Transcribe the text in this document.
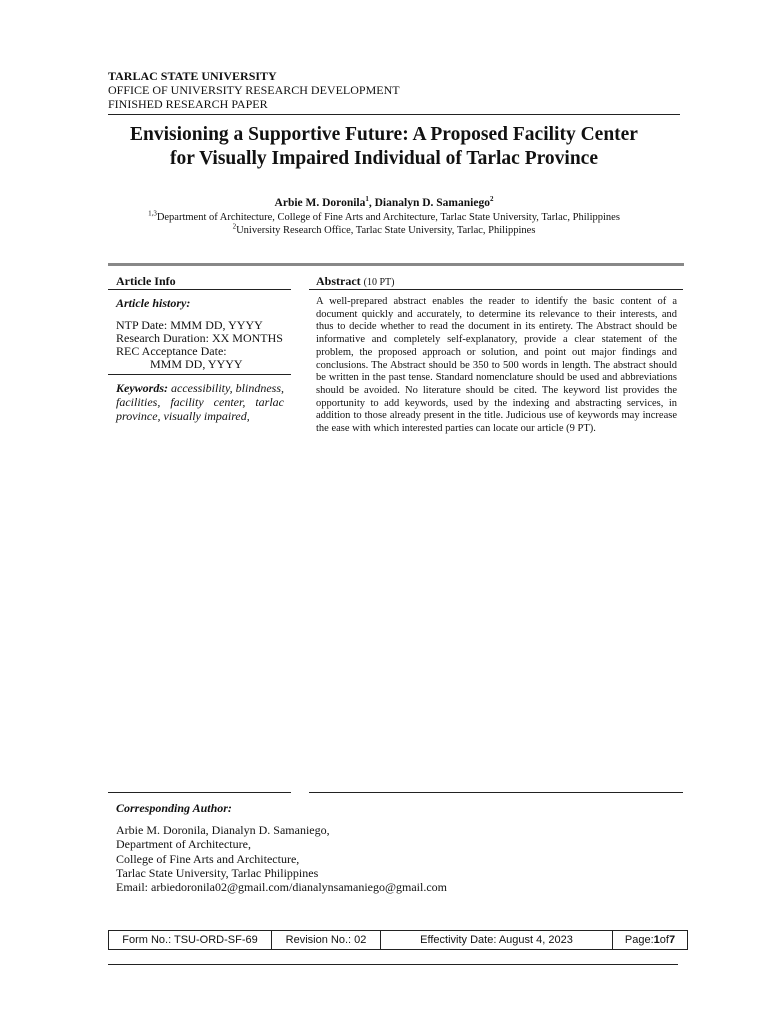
TARLAC STATE UNIVERSITY
OFFICE OF UNIVERSITY RESEARCH DEVELOPMENT
FINISHED RESEARCH PAPER
Envisioning a Supportive Future: A Proposed Facility Center
for Visually Impaired Individual of Tarlac Province
Arbie M. Doronila$^1$, Dianalyn D. Samaniego$^2$
$^{1,3}$Department of Architecture, College of Fine Arts and Architecture, Tarlac State University, Tarlac, Philippines
$^2$University Research Office, Tarlac State University, Tarlac, Philippines
Article Info
Article history:
NTP Date: MMM DD, YYYY
Research Duration: XX MONTHS
REC Acceptance Date:
MMM DD, YYYY
Keywords: accessibility, blindness, facilities, facility center, tarlac province, visually impaired,
Abstract (10 PT)
A well-prepared abstract enables the reader to identify the basic content of a document quickly and accurately, to determine its relevance to their interests, and thus to decide whether to read the document in its entirety. The Abstract should be informative and completely self-explanatory, provide a clear statement of the problem, the proposed approach or solution, and point out major findings and conclusions. The Abstract should be 350 to 500 words in length. The abstract should be written in the past tense. Standard nomenclature should be used and abbreviations should be avoided. No literature should be cited. The keyword list provides the opportunity to add keywords, used by the indexing and abstracting services, in addition to those already present in the title. Judicious use of keywords may increase the ease with which interested parties can locate our article (9 PT).
Corresponding Author:
Arbie M. Doronila, Dianalyn D. Samaniego,
Department of Architecture,
College of Fine Arts and Architecture,
Tarlac State University, Tarlac Philippines
Email: arbiedoronila02@gmail.com/dianalynsamaniego@gmail.com
Form No.: TSU-ORD-SF-69	Revision No.: 02	Effectivity Date: August 4, 2023	Page: 1 of 7
